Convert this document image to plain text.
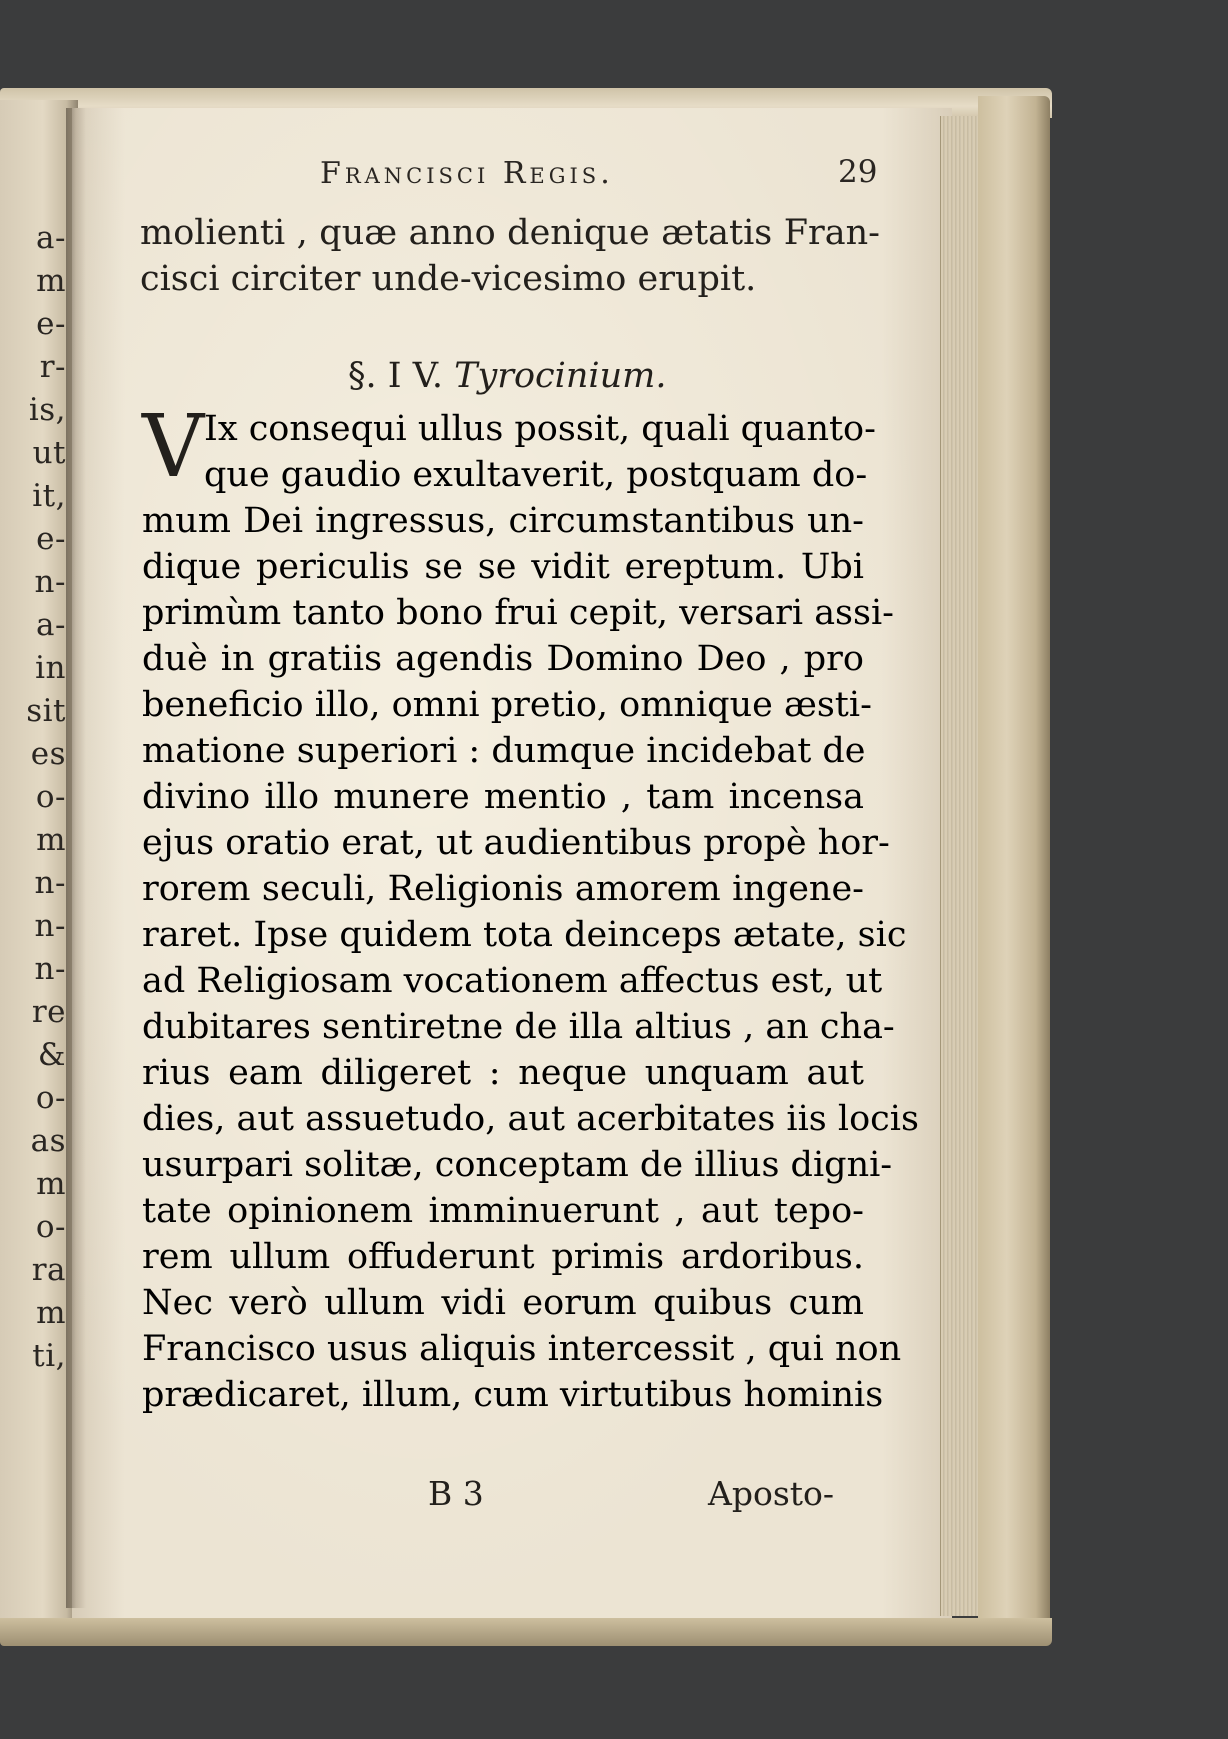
a-
m
e-
r-
is,
ut
it,
e-
n-
a-
in
sit
es
o-
m
n-
n-
n-
re
&
o-
as
m
o-
ra
m
ti,
Francisci Regis.	29
molienti , quæ anno denique ætatis Fran-
cisci circiter unde-vicesimo erupit.
§. I V. Tyrocinium.
V Ix consequi ullus possit, quali quanto-
que gaudio exultaverit, postquam do-
mum Dei ingressus, circumstantibus un-
dique periculis se se vidit ereptum. Ubi
primùm tanto bono frui cepit, versari assi-
duè in gratiis agendis Domino Deo , pro
beneficio illo, omni pretio, omnique æsti-
matione superiori : dumque incidebat de
divino illo munere mentio , tam incensa
ejus oratio erat, ut audientibus propè hor-
rorem seculi, Religionis amorem ingene-
raret. Ipse quidem tota deinceps ætate, sic
ad Religiosam vocationem affectus est, ut
dubitares sentiretne de illa altius , an cha-
rius eam diligeret : neque unquam aut
dies, aut assuetudo, aut acerbitates iis locis
usurpari solitæ, conceptam de illius digni-
tate opinionem imminuerunt , aut tepo-
rem ullum offuderunt primis ardoribus.
Nec verò ullum vidi eorum quibus cum
Francisco usus aliquis intercessit , qui non
prædicaret, illum, cum virtutibus hominis
B 3	Aposto-
